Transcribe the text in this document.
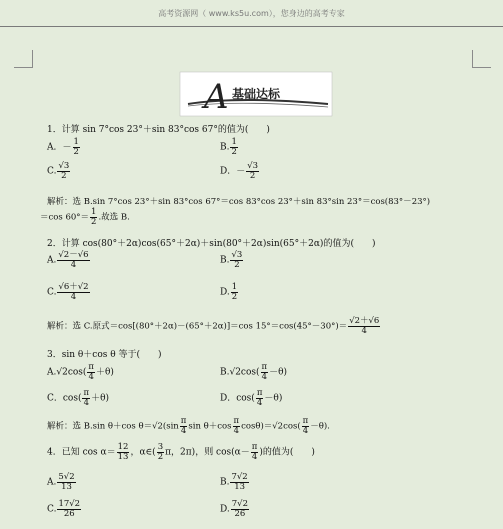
高考资源网（ www.ks5u.com），您身边的高考专家
A 基础达标
1．计算 sin 7°cos 23°＋sin 83°cos 67°的值为(　　)
A．－ $\frac{1}{2}$	B. $\frac{1}{2}$
C. $\frac{√3}{2}$	D．－ $\frac{√3}{2}$
解析：选 B.sin 7°cos 23°＋sin 83°cos 67°＝cos 83°cos 23°＋sin 83°sin 23°＝cos(83°－23°)
＝cos $60^\circ= \frac{1}{2}$ .故选 B.
2．计算 cos(80°＋2α)cos(65°＋2α)＋sin(80°＋2α)sin(65°＋2α)的值为(　　)
A. $\frac{√2-√6}{4}$	B. $\frac{√3}{2}$
C. $\frac{√6+√2}{4}$	D. $\frac{1}{2}$
解析：选 C.原式＝cos[(80°＋2α)－(65°＋2α)]＝cos $15^\circ=\cos(45^\circ-30^\circ)= \frac{√2+√6}{4}$
3．sin θ＋cos θ 等于(　　)
$A.√2\cos( \frac{\pi}{4} +\theta)$	$B.√2\cos( \frac{\pi}{4} -\theta)$
C．$\cos( \frac{\pi}{4} +\theta)$	D．$\cos( \frac{\pi}{4} -\theta)$
解析：选 B.sin θ＋cos $\theta=√2(\sin \frac{\pi}{4}$ $\sin \theta+\cos \frac{\pi}{4} \cos\theta)=√2\cos( \frac{\pi}{4} -\theta)$.
4．已知 $\cos \alpha= \frac{12}{13}$ ，α∈( $\frac{3}{2}$ π，2π)，则 $\cos(\alpha- \frac{\pi}{4}$ )的值为(　　)
A. $\frac{5√2}{13}$	B. $\frac{7√2}{13}$
C. $\frac{17√2}{26}$	D. $\frac{7√2}{26}$
